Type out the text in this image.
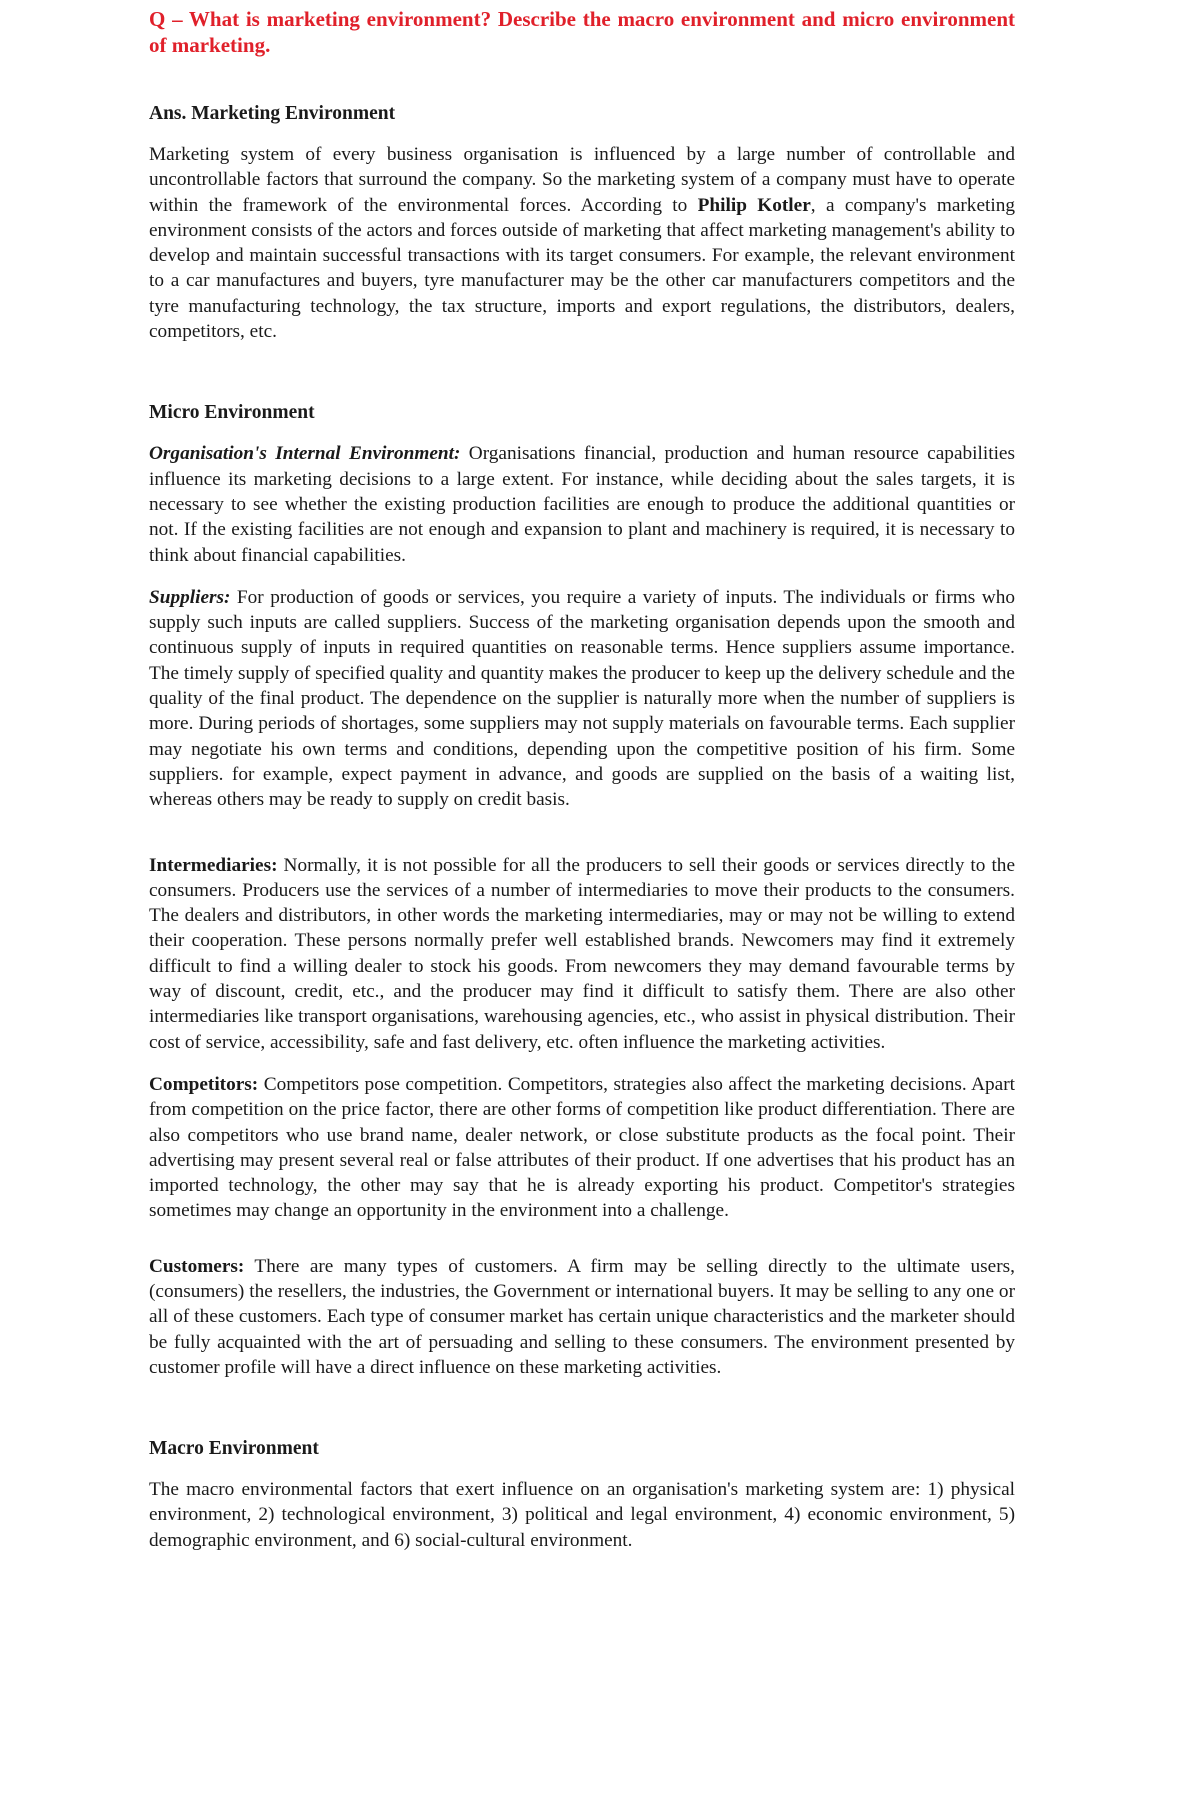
Q – What is marketing environment? Describe the macro environment and micro environment of marketing.

Ans. Marketing Environment

Marketing system of every business organisation is influenced by a large number of controllable and uncontrollable factors that surround the company. So the marketing system of a company must have to operate within the framework of the environmental forces. According to Philip Kotler, a company's marketing environment consists of the actors and forces outside of marketing that affect marketing management's ability to develop and maintain successful transactions with its target consumers. For example, the relevant environment to a car manufactures and buyers, tyre manufacturer may be the other car manufacturers competitors and the tyre manufacturing technology, the tax structure, imports and export regulations, the distributors, dealers, competitors, etc.

Micro Environment

Organisation's Internal Environment: Organisations financial, production and human resource capabilities influence its marketing decisions to a large extent. For instance, while deciding about the sales targets, it is necessary to see whether the existing production facilities are enough to produce the additional quantities or not. If the existing facilities are not enough and expansion to plant and machinery is required, it is necessary to think about financial capabilities.

Suppliers: For production of goods or services, you require a variety of inputs. The individuals or firms who supply such inputs are called suppliers. Success of the marketing organisation depends upon the smooth and continuous supply of inputs in required quantities on reasonable terms. Hence suppliers assume importance. The timely supply of specified quality and quantity makes the producer to keep up the delivery schedule and the quality of the final product. The dependence on the supplier is naturally more when the number of suppliers is more. During periods of shortages, some suppliers may not supply materials on favourable terms. Each supplier may negotiate his own terms and conditions, depending upon the competitive position of his firm. Some suppliers. for example, expect payment in advance, and goods are supplied on the basis of a waiting list, whereas others may be ready to supply on credit basis.

Intermediaries: Normally, it is not possible for all the producers to sell their goods or services directly to the consumers. Producers use the services of a number of intermediaries to move their products to the consumers. The dealers and distributors, in other words the marketing intermediaries, may or may not be willing to extend their cooperation. These persons normally prefer well established brands. Newcomers may find it extremely difficult to find a willing dealer to stock his goods. From newcomers they may demand favourable terms by way of discount, credit, etc., and the producer may find it difficult to satisfy them. There are also other intermediaries like transport organisations, warehousing agencies, etc., who assist in physical distribution. Their cost of service, accessibility, safe and fast delivery, etc. often influence the marketing activities.

Competitors: Competitors pose competition. Competitors, strategies also affect the marketing decisions. Apart from competition on the price factor, there are other forms of competition like product differentiation. There are also competitors who use brand name, dealer network, or close substitute products as the focal point. Their advertising may present several real or false attributes of their product. If one advertises that his product has an imported technology, the other may say that he is already exporting his product. Competitor's strategies sometimes may change an opportunity in the environment into a challenge.

Customers: There are many types of customers. A firm may be selling directly to the ultimate users, (consumers) the resellers, the industries, the Government or international buyers. It may be selling to any one or all of these customers. Each type of consumer market has certain unique characteristics and the marketer should be fully acquainted with the art of persuading and selling to these consumers. The environment presented by customer profile will have a direct influence on these marketing activities.

Macro Environment

The macro environmental factors that exert influence on an organisation's marketing system are: 1) physical environment, 2) technological environment, 3) political and legal environment, 4) economic environment, 5) demographic environment, and 6) social-cultural environment.
